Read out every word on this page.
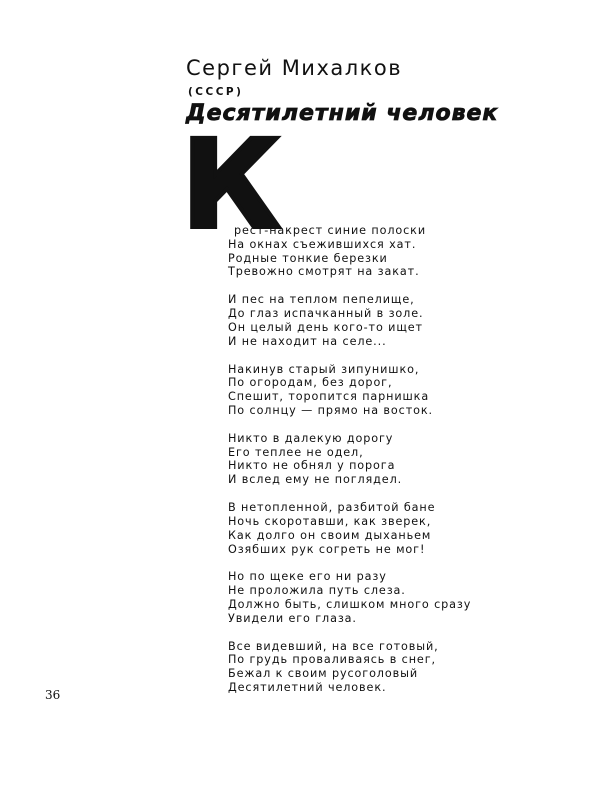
Сергей Михалков
(СССР)
Десятилетний человек
К
рест-накрест синие полоски
На окнах съежившихся хат.
Родные тонкие березки
Тревожно смотрят на закат.
И пес на теплом пепелище,
До глаз испачканный в золе.
Он целый день кого-то ищет
И не находит на селе...
Накинув старый зипунишко,
По огородам, без дорог,
Спешит, торопится парнишка
По солнцу — прямо на восток.
Никто в далекую дорогу
Его теплее не одел,
Никто не обнял у порога
И вслед ему не поглядел.
В нетопленной, разбитой бане
Ночь скоротавши, как зверек,
Как долго он своим дыханьем
Озябших рук согреть не мог!
Но по щеке его ни разу
Не проложила путь слеза.
Должно быть, слишком много сразу
Увидели его глаза.
Все видевший, на все готовый,
По грудь проваливаясь в снег,
Бежал к своим русоголовый
Десятилетний человек.
36
